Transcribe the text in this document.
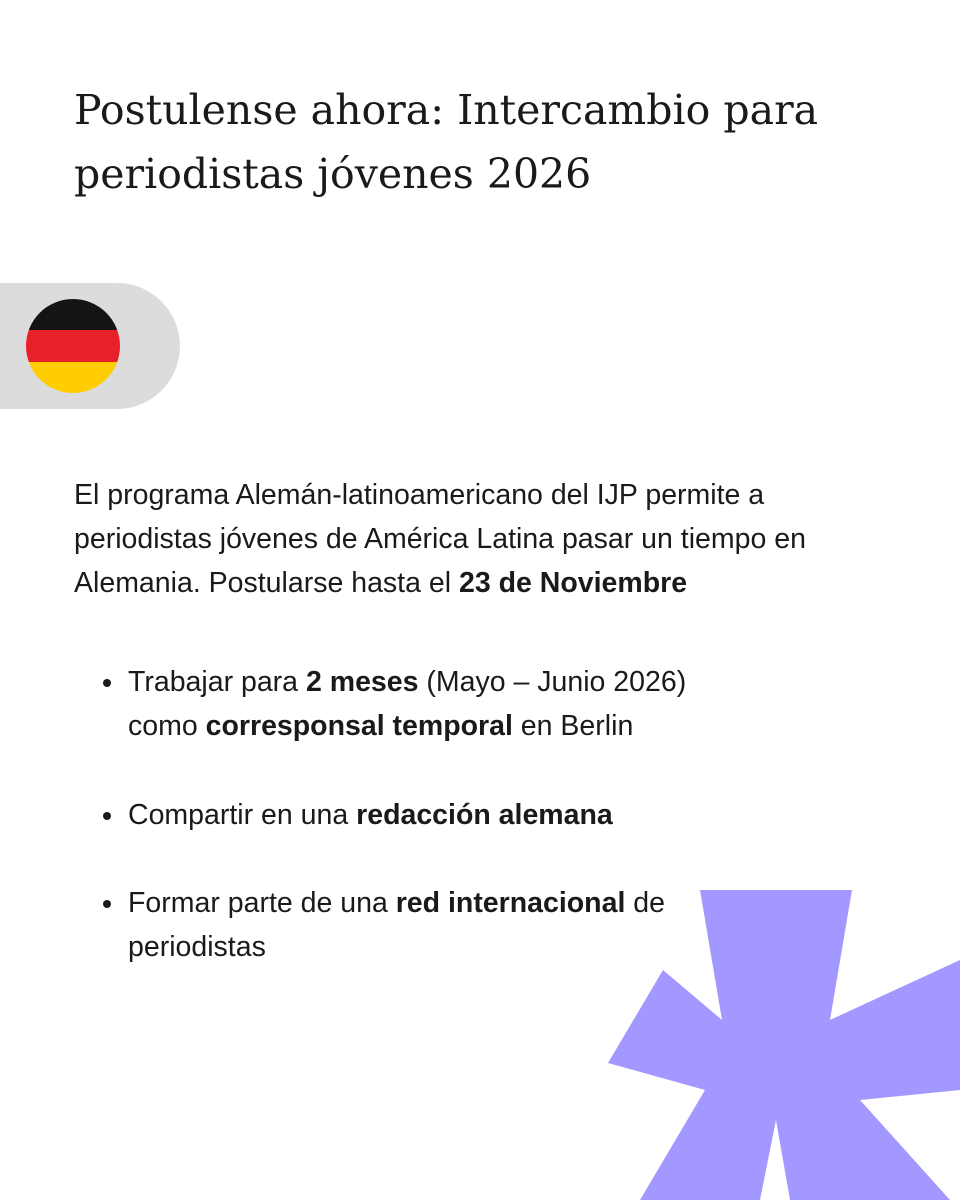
Postulense ahora: Intercambio para periodistas jóvenes 2026

El programa Alemán-latinoamericano del IJP permite a periodistas jóvenes de América Latina pasar un tiempo en Alemania. Postularse hasta el 23 de Noviembre

Trabajar para 2 meses (Mayo – Junio 2026) como corresponsal temporal en Berlin
Compartir en una redacción alemana
Formar parte de una red internacional de periodistas
